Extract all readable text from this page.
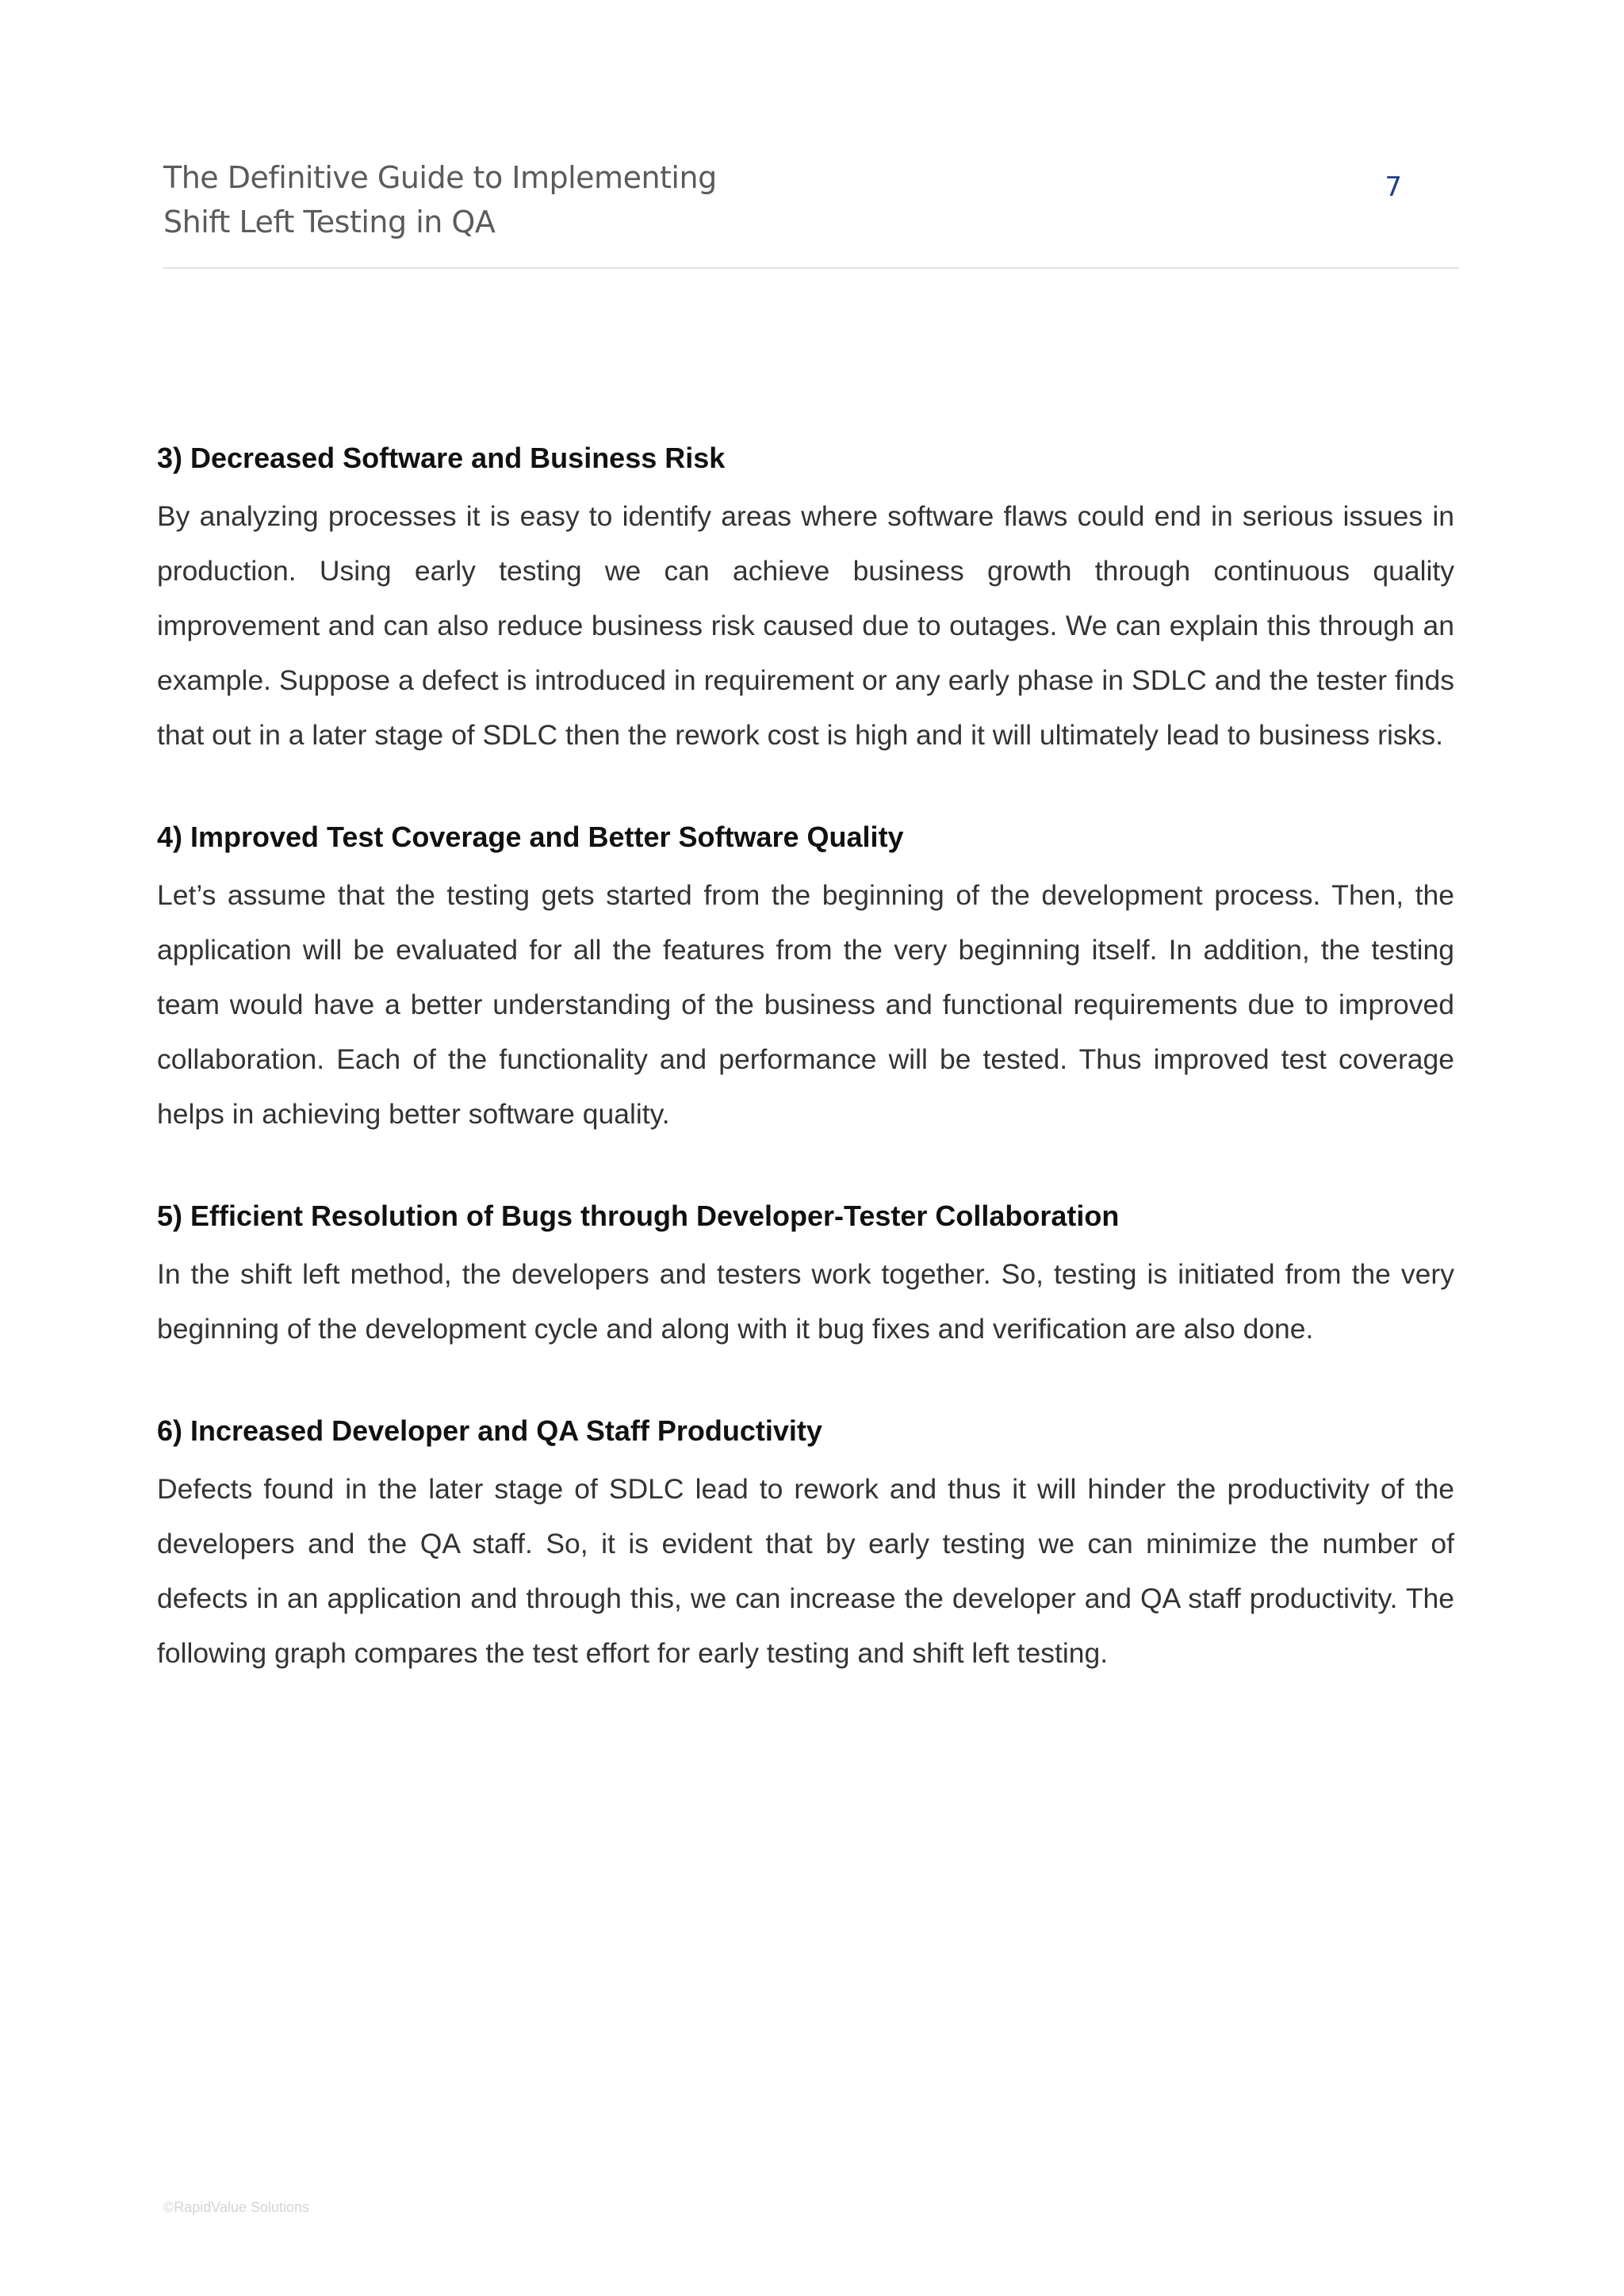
The Definitive Guide to Implementing
Shift Left Testing in QA
7
3) Decreased Software and Business Risk

By analyzing processes it is easy to identify areas where software flaws could end in serious issues in production. Using early testing we can achieve business growth through continuous quality improvement and can also reduce business risk caused due to outages. We can explain this through an example. Suppose a defect is introduced in requirement or any early phase in SDLC and the tester finds that out in a later stage of SDLC then the rework cost is high and it will ultimately lead to business risks.

4) Improved Test Coverage and Better Software Quality

Let’s assume that the testing gets started from the beginning of the development process. Then, the application will be evaluated for all the features from the very beginning itself. In addition, the testing team would have a better understanding of the business and functional requirements due to improved collaboration. Each of the functionality and performance will be tested. Thus improved test coverage helps in achieving better software quality.

5) Efficient Resolution of Bugs through Developer-Tester Collaboration

In the shift left method, the developers and testers work together. So, testing is initiated from the very beginning of the development cycle and along with it bug fixes and verification are also done.

6) Increased Developer and QA Staff Productivity

Defects found in the later stage of SDLC lead to rework and thus it will hinder the productivity of the developers and the QA staff. So, it is evident that by early testing we can minimize the number of defects in an application and through this, we can increase the developer and QA staff productivity. The following graph compares the test effort for early testing and shift left testing.

©RapidValue Solutions
